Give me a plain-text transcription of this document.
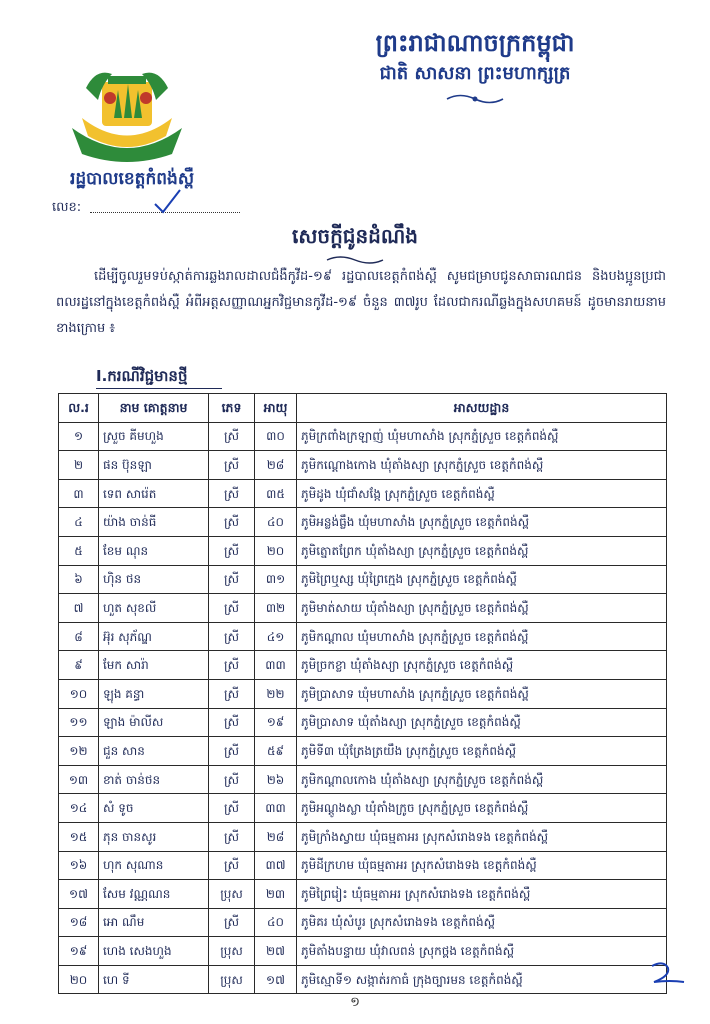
ព្រះរាជាណាចក្រកម្ពុជា
ជាតិ សាសនា ព្រះមហាក្សត្រ
រដ្ឋបាលខេត្តកំពង់ស្ពឺ
លេខ:
សេចក្តីជូនដំណឹង
ដើម្បីចូលរួមទប់ស្កាត់ការឆ្លងរាលដាលជំងឺកូវីដ-១៩ រដ្ឋបាលខេត្តកំពង់ស្ពឺ សូមជម្រាបជូនសាធារណជន និងបងប្អូនប្រជាពលរដ្ឋនៅក្នុងខេត្តកំពង់ស្ពឺ អំពីអត្តសញ្ញាណអ្នកវិជ្ជមានកូវីដ-១៩ ចំនួន ៣៧រូប ដែលជាករណីឆ្លងក្នុងសហគមន៍ ដូចមានរាយនាមខាងក្រោម ៖
I.ករណីវិជ្ជមានថ្មី
ល.រ	នាម គោត្តនាម	ភេទ	អាយុ	អាសយដ្ឋាន
១	ស្រួច គីមហួង	ស្រី	៣០	ភូមិក្រពាំងក្រឡាញ់ ឃុំមហាសាំង ស្រុកភ្នំស្រួច ខេត្តកំពង់ស្ពឺ
២	ផន ប៊ុនឡា	ស្រី	២៨	ភូមិកណ្តោងកោង ឃុំតាំងស្យា ស្រុកភ្នំស្រួច ខេត្តកំពង់ស្ពឺ
៣	ទេព សារ៉េត	ស្រី	៣៥	ភូមិដូង ឃុំជាំសង្កែ ស្រុកភ្នំស្រួច ខេត្តកំពង់ស្ពឺ
៤	យ៉ាង ចាន់ធី	ស្រី	៤០	ភូមិអន្លង់ធ្លឹង ឃុំមហាសាំង ស្រុកភ្នំស្រួច ខេត្តកំពង់ស្ពឺ
៥	ខែម ណុន	ស្រី	២០	ភូមិត្នោតព្រែក ឃុំតាំងស្យា ស្រុកភ្នំស្រួច ខេត្តកំពង់ស្ពឺ
៦	ហ៊ិន ថន	ស្រី	៣១	ភូមិព្រៃឬស្ស ឃុំព្រៃក្មេង ស្រុកភ្នំស្រួច ខេត្តកំពង់ស្ពឺ
៧	ហួត សុខលី	ស្រី	៣២	ភូមិមាត់សាយ ឃុំតាំងស្យា ស្រុកភ្នំស្រួច ខេត្តកំពង់ស្ពឺ
៨	អ៊ុរ សុភ័ណ្ឌ	ស្រី	៤១	ភូមិកណ្តាល ឃុំមហាសាំង ស្រុកភ្នំស្រួច ខេត្តកំពង់ស្ពឺ
៩	មែក សារ៉ា	ស្រី	៣៣	ភូមិច្រកខ្លា ឃុំតាំងស្យា ស្រុកភ្នំស្រួច ខេត្តកំពង់ស្ពឺ
១០	ឡុង គន្ធា	ស្រី	២២	ភូមិប្រាសាទ ឃុំមហាសាំង ស្រុកភ្នំស្រួច ខេត្តកំពង់ស្ពឺ
១១	ឡាង ម៉ាលីស	ស្រី	១៩	ភូមិប្រាសាទ ឃុំតាំងស្យា ស្រុកភ្នំស្រួច ខេត្តកំពង់ស្ពឺ
១២	ជួន សាន	ស្រី	៥៩	ភូមិទី៣ ឃុំត្រែងត្រយឹង ស្រុកភ្នំស្រួច ខេត្តកំពង់ស្ពឺ
១៣	ខាត់ ចាន់ថន	ស្រី	២៦	ភូមិកណ្តាលកោង ឃុំតាំងស្យា ស្រុកភ្នំស្រួច ខេត្តកំពង់ស្ពឺ
១៤	សំ ទូច	ស្រី	៣៣	ភូមិអណ្តូងស្លា ឃុំតាំងក្រូច ស្រុកភ្នំស្រួច ខេត្តកំពង់ស្ពឺ
១៥	ភុន ចានសូរ	ស្រី	២៨	ភូមិក្រាំងស្វាយ ឃុំធម្មតាអរ ស្រុកសំរោងទង ខេត្តកំពង់ស្ពឺ
១៦	ហុក សុណាន	ស្រី	៣៧	ភូមិដីក្រហម ឃុំធម្មតាអរ ស្រុកសំរោងទង ខេត្តកំពង់ស្ពឺ
១៧	សែម វណ្ណណន	ប្រុស	២៣	ភូមិព្រៃរៀះ ឃុំធម្មតាអរ ស្រុកសំរោងទង ខេត្តកំពង់ស្ពឺ
១៨	អោ ណឹម	ស្រី	៤០	ភូមិគរ ឃុំសំបូរ ស្រុកសំរោងទង ខេត្តកំពង់ស្ពឺ
១៩	ហេង សេងហួង	ប្រុស	២៧	ភូមិតាំងបន្ទាយ ឃុំវាលពន់ ស្រុកថ្ពង ខេត្តកំពង់ស្ពឺ
២០	ហេ ទី	ប្រុស	១៧	ភូមិស្មោទី១ សង្កាត់រកាធំ ក្រុងច្បារមន ខេត្តកំពង់ស្ពឺ
១
